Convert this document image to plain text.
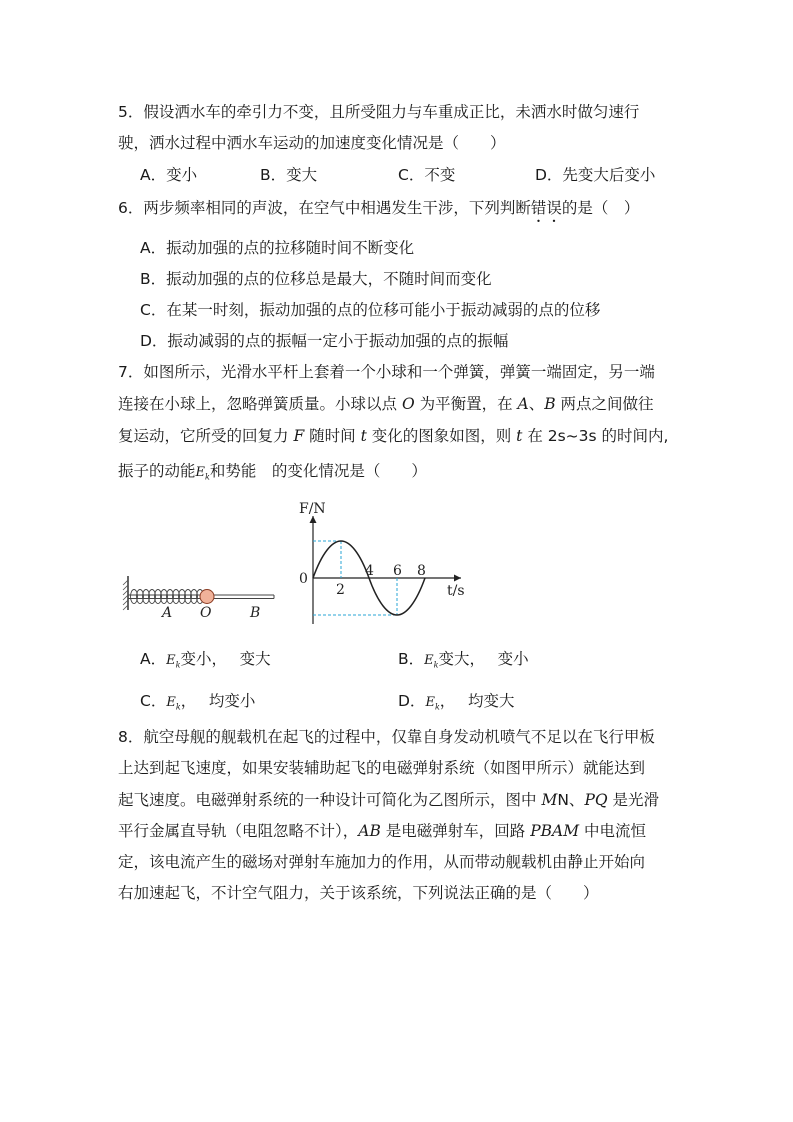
5．假设洒水车的牵引力不变，且所受阻力与车重成正比，未洒水时做匀速行
驶，洒水过程中洒水车运动的加速度变化情况是（　　）
A．变小	B．变大	C．不变	D．先变大后变小
6．两步频率相同的声波，在空气中相遇发生干涉，下列判断错误的是（　）
A．振动加强的点的拉移随时间不断变化
B．振动加强的点的位移总是最大，不随时间而变化
C．在某一时刻，振动加强的点的位移可能小于振动减弱的点的位移
D．振动减弱的点的振幅一定小于振动加强的点的振幅
7．如图所示，光滑水平杆上套着一个小球和一个弹簧，弹簧一端固定，另一端
连接在小球上，忽略弹簧质量。小球以点 O 为平衡置，在 A、B 两点之间做往
复运动，它所受的回复力 F 随时间 t 变化的图象如图，则 t 在 2s~3s 的时间内,
振子的动能$E_k$和势能　的变化情况是（　　）
A O	B
F/N
t/s
0
2
4 6 8
A．$E_k$变小，　 变大	B．$E_k$变大，　 变小
C．$E_k$，　 均变小	D．$E_k$，　 均变大
8．航空母舰的舰载机在起飞的过程中，仅靠自身发动机喷气不足以在飞行甲板
上达到起飞速度，如果安装辅助起飞的电磁弹射系统（如图甲所示）就能达到
起飞速度。电磁弹射系统的一种设计可简化为乙图所示，图中 MN、PQ 是光滑
平行金属直导轨（电阻忽略不计），AB 是电磁弹射车，回路 PBAM 中电流恒
定，该电流产生的磁场对弹射车施加力的作用，从而带动舰载机由静止开始向
右加速起飞，不计空气阻力，关于该系统，下列说法正确的是（　　）
